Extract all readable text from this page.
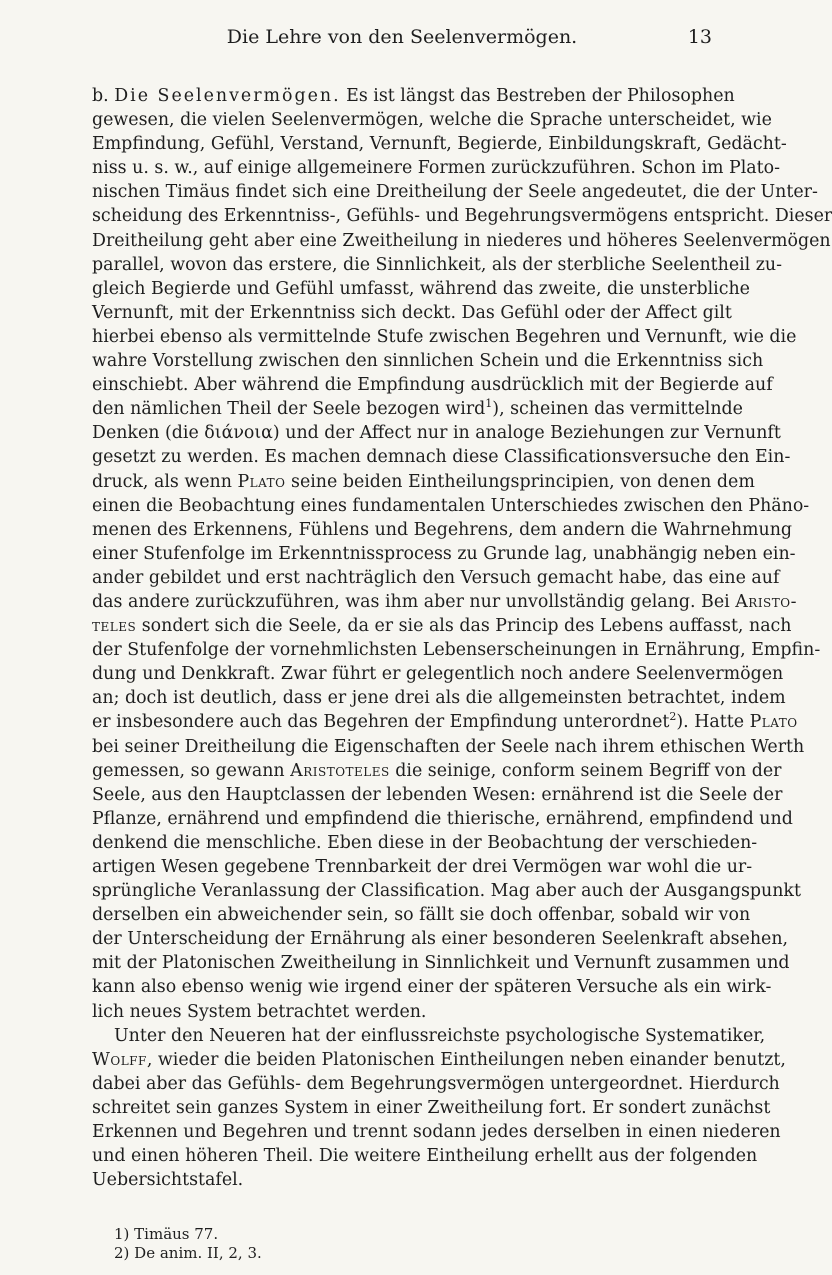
Die Lehre von den Seelenvermögen.	13
b. Die Seelenvermögen. Es ist längst das Bestreben der Philosophen
gewesen, die vielen Seelenvermögen, welche die Sprache unterscheidet, wie
Empfindung, Gefühl, Verstand, Vernunft, Begierde, Einbildungskraft, Gedächt-
niss u. s. w., auf einige allgemeinere Formen zurückzuführen. Schon im Plato-
nischen Timäus findet sich eine Dreitheilung der Seele angedeutet, die der Unter-
scheidung des Erkenntniss-, Gefühls- und Begehrungsvermögens entspricht. Dieser
Dreitheilung geht aber eine Zweitheilung in niederes und höheres Seelenvermögen
parallel, wovon das erstere, die Sinnlichkeit, als der sterbliche Seelentheil zu-
gleich Begierde und Gefühl umfasst, während das zweite, die unsterbliche
Vernunft, mit der Erkenntniss sich deckt. Das Gefühl oder der Affect gilt
hierbei ebenso als vermittelnde Stufe zwischen Begehren und Vernunft, wie die
wahre Vorstellung zwischen den sinnlichen Schein und die Erkenntniss sich
einschiebt. Aber während die Empfindung ausdrücklich mit der Begierde auf
den nämlichen Theil der Seele bezogen wird$^1$), scheinen das vermittelnde
Denken (die διάνοια) und der Affect nur in analoge Beziehungen zur Vernunft
gesetzt zu werden. Es machen demnach diese Classificationsversuche den Ein-
druck, als wenn Plato seine beiden Eintheilungsprincipien, von denen dem
einen die Beobachtung eines fundamentalen Unterschiedes zwischen den Phäno-
menen des Erkennens, Fühlens und Begehrens, dem andern die Wahrnehmung
einer Stufenfolge im Erkenntnissprocess zu Grunde lag, unabhängig neben ein-
ander gebildet und erst nachträglich den Versuch gemacht habe, das eine auf
das andere zurückzuführen, was ihm aber nur unvollständig gelang. Bei Aristo-
teles sondert sich die Seele, da er sie als das Princip des Lebens auffasst, nach
der Stufenfolge der vornehmlichsten Lebenserscheinungen in Ernährung, Empfin-
dung und Denkkraft. Zwar führt er gelegentlich noch andere Seelenvermögen
an; doch ist deutlich, dass er jene drei als die allgemeinsten betrachtet, indem
er insbesondere auch das Begehren der Empfindung unterordnet$^2$). Hatte Plato
bei seiner Dreitheilung die Eigenschaften der Seele nach ihrem ethischen Werth
gemessen, so gewann Aristoteles die seinige, conform seinem Begriff von der
Seele, aus den Hauptclassen der lebenden Wesen: ernährend ist die Seele der
Pflanze, ernährend und empfindend die thierische, ernährend, empfindend und
denkend die menschliche. Eben diese in der Beobachtung der verschieden-
artigen Wesen gegebene Trennbarkeit der drei Vermögen war wohl die ur-
sprüngliche Veranlassung der Classification. Mag aber auch der Ausgangspunkt
derselben ein abweichender sein, so fällt sie doch offenbar, sobald wir von
der Unterscheidung der Ernährung als einer besonderen Seelenkraft absehen,
mit der Platonischen Zweitheilung in Sinnlichkeit und Vernunft zusammen und
kann also ebenso wenig wie irgend einer der späteren Versuche als ein wirk-
lich neues System betrachtet werden.
Unter den Neueren hat der einflussreichste psychologische Systematiker,
Wolff, wieder die beiden Platonischen Eintheilungen neben einander benutzt,
dabei aber das Gefühls- dem Begehrungsvermögen untergeordnet. Hierdurch
schreitet sein ganzes System in einer Zweitheilung fort. Er sondert zunächst
Erkennen und Begehren und trennt sodann jedes derselben in einen niederen
und einen höheren Theil. Die weitere Eintheilung erhellt aus der folgenden
Uebersichtstafel.
1) Timäus 77.
2) De anim. II, 2, 3.
